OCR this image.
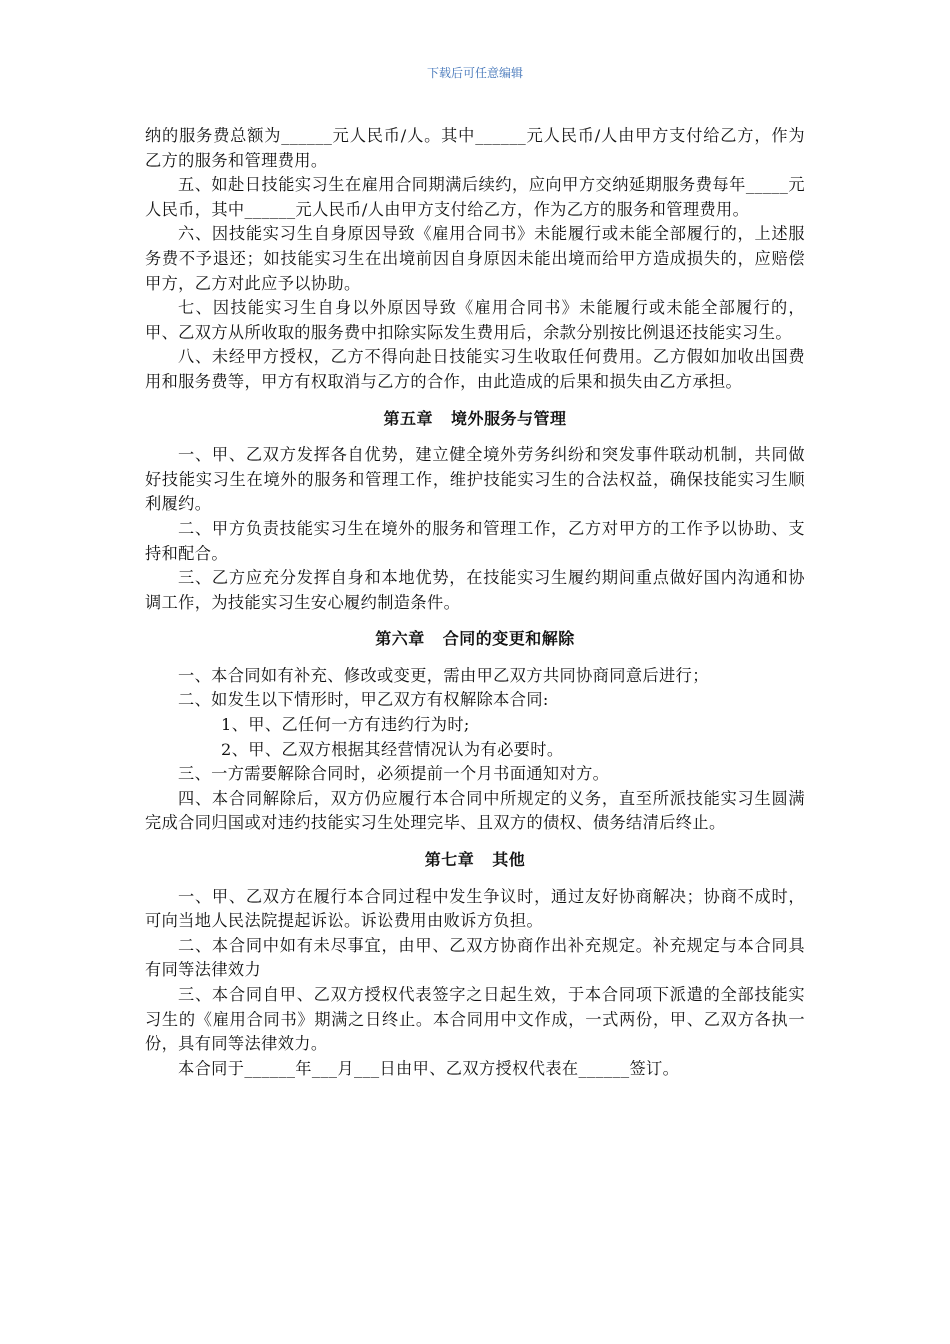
下载后可任意编辑

纳的服务费总额为______元人民币/人。其中______元人民币/人由甲方支付给乙方，作为乙方的服务和管理费用。

五、如赴日技能实习生在雇用合同期满后续约，应向甲方交纳延期服务费每年_____元人民币，其中______元人民币/人由甲方支付给乙方，作为乙方的服务和管理费用。

六、因技能实习生自身原因导致《雇用合同书》未能履行或未能全部履行的，上述服务费不予退还；如技能实习生在出境前因自身原因未能出境而给甲方造成损失的，应赔偿甲方，乙方对此应予以协助。

七、因技能实习生自身以外原因导致《雇用合同书》未能履行或未能全部履行的，甲、乙双方从所收取的服务费中扣除实际发生费用后，余款分别按比例退还技能实习生。

八、未经甲方授权，乙方不得向赴日技能实习生收取任何费用。乙方假如加收出国费用和服务费等，甲方有权取消与乙方的合作，由此造成的后果和损失由乙方承担。

第五章 境外服务与管理

一、甲、乙双方发挥各自优势，建立健全境外劳务纠纷和突发事件联动机制，共同做好技能实习生在境外的服务和管理工作，维护技能实习生的合法权益，确保技能实习生顺利履约。

二、甲方负责技能实习生在境外的服务和管理工作，乙方对甲方的工作予以协助、支持和配合。

三、乙方应充分发挥自身和本地优势，在技能实习生履约期间重点做好国内沟通和协调工作，为技能实习生安心履约制造条件。

第六章 合同的变更和解除

一、本合同如有补充、修改或变更，需由甲乙双方共同协商同意后进行；

二、如发生以下情形时，甲乙双方有权解除本合同:

1、甲、乙任何一方有违约行为时;

2、甲、乙双方根据其经营情况认为有必要时。

三、一方需要解除合同时，必须提前一个月书面通知对方。

四、本合同解除后，双方仍应履行本合同中所规定的义务，直至所派技能实习生圆满完成合同归国或对违约技能实习生处理完毕、且双方的债权、债务结清后终止。

第七章 其他

一、甲、乙双方在履行本合同过程中发生争议时，通过友好协商解决；协商不成时，可向当地人民法院提起诉讼。诉讼费用由败诉方负担。

二、本合同中如有未尽事宜，由甲、乙双方协商作出补充规定。补充规定与本合同具有同等法律效力

三、本合同自甲、乙双方授权代表签字之日起生效，于本合同项下派遣的全部技能实习生的《雇用合同书》期满之日终止。本合同用中文作成，一式两份，甲、乙双方各执一份，具有同等法律效力。

本合同于______年___月___日由甲、乙双方授权代表在______签订。
